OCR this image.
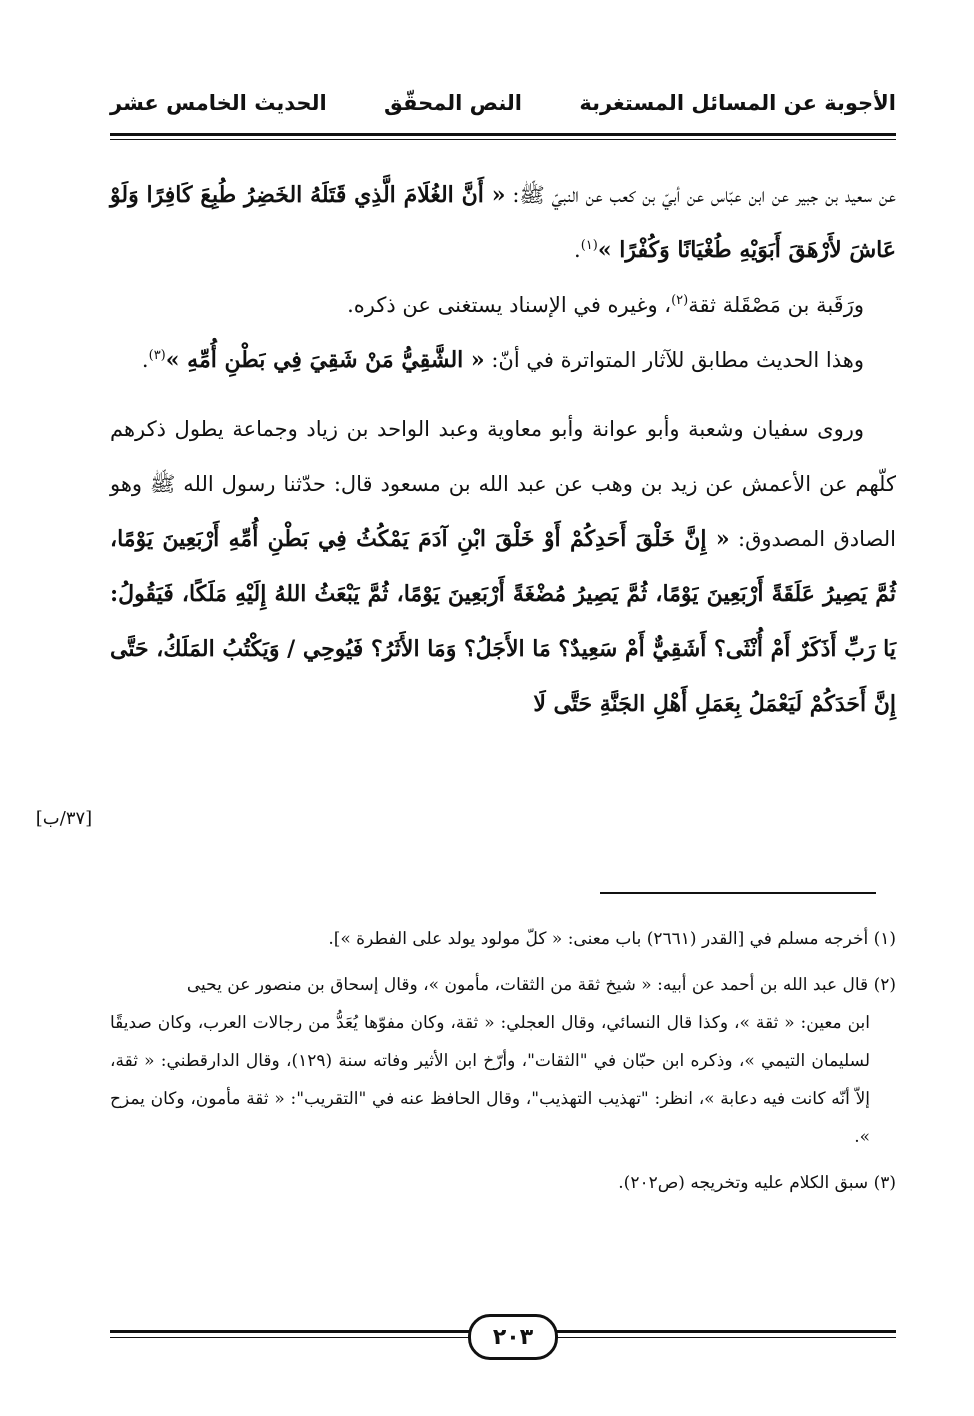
الأجوبة عن المسائل المستغربة
النص المحقّق
الحديث الخامس عشر

عن سعيد بن جبير عن ابن عبّاس عن أبيّ بن كعب عن النبيّ ﷺ: « أَنَّ الغُلَامَ الَّذِي قَتَلَهُ الخَضِرُ طُبِعَ كَافِرًا وَلَوْ عَاشَ لأَرْهَقَ أَبَوَيْهِ طُغْيَانًا وَكُفْرًا »$^{(١)}$.

ورَقَبة بن مَصْقَلة ثقة$^{(٢)}$، وغيره في الإسناد يستغنى عن ذكره.

وهذا الحديث مطابق للآثار المتواترة في أنّ: « الشَّقِيُّ مَنْ شَقِيَ فِي بَطْنِ أُمِّهِ »$^{(٣)}$.

وروى سفيان وشعبة وأبو عوانة وأبو معاوية وعبد الواحد بن زياد وجماعة يطول ذكرهم كلّهم عن الأعمش عن زيد بن وهب عن عبد الله بن مسعود قال: حدّثنا رسول الله ﷺ وهو الصادق المصدوق: « إِنَّ خَلْقَ أَحَدِكُمْ أَوْ خَلْقَ ابْنِ آدَمَ يَمْكُثُ فِي بَطْنِ أُمِّهِ أَرْبَعِينَ يَوْمًا، ثُمَّ يَصِيرُ عَلَقَةً أَرْبَعِينَ يَوْمًا، ثُمَّ يَصِيرُ مُضْغَةً أَرْبَعِينَ يَوْمًا، ثُمَّ يَبْعَثُ اللهُ إِلَيْهِ مَلَكًا، فَيَقُولُ: يَا رَبِّ أَذَكَرٌ أَمْ أُنْثَى؟ أَشَقِيٌّ أَمْ سَعِيدٌ؟ مَا الأَجَلُ؟ وَمَا الأَثَرُ؟ فَيُوحِي / وَيَكْتُبُ المَلَكُ، حَتَّى إِنَّ أَحَدَكُمْ لَيَعْمَلُ بِعَمَلِ أَهْلِ الجَنَّةِ حَتَّى لَا

[٣٧/ب]

(١) أخرجه مسلم في [القدر (٢٦٦١) باب معنى: « كلّ مولود يولد على الفطرة »].

(٢) قال عبد الله بن أحمد عن أبيه: « شيخ ثقة من الثقات، مأمون »، وقال إسحاق بن منصور عن يحيى

ابن معين: « ثقة »، وكذا قال النسائي، وقال العجلي: « ثقة، وكان مفوّها يُعَدُّ من رجالات العرب، وكان صديقًا لسليمان التيمي »، وذكره ابن حبّان في "الثقات"، وأرّخ ابن الأثير وفاته سنة (١٢٩)، وقال الدارقطني: « ثقة، إلاّ أنّه كانت فيه دعابة »، انظر: "تهذيب التهذيب"، وقال الحافظ عنه في "التقريب": « ثقة مأمون، وكان يمزح ».

(٣) سبق الكلام عليه وتخريجه (ص٢٠٢).

٢٠٣
